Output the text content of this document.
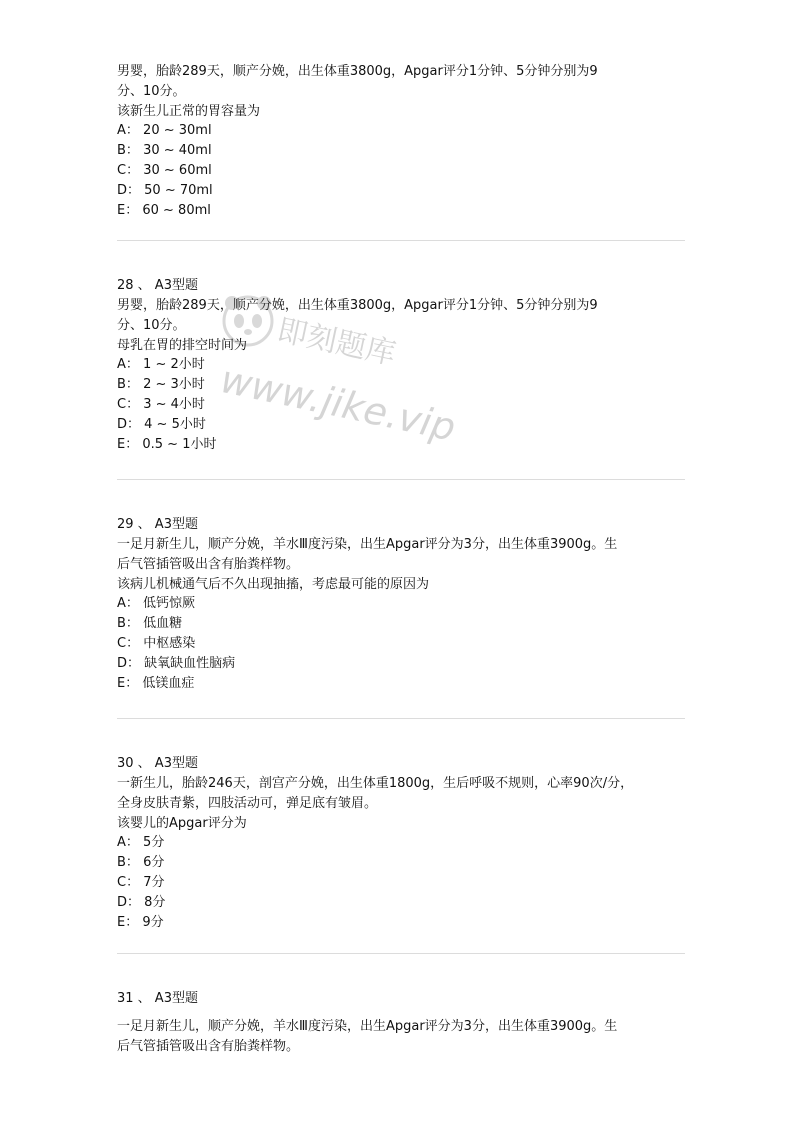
男婴，胎龄289天，顺产分娩，出生体重3800g，Apgar评分1分钟、5分钟分别为9
分、10分。
该新生儿正常的胃容量为
A： 20 ~ 30ml
B： 30 ~ 40ml
C： 30 ~ 60ml
D： 50 ~ 70ml
E： 60 ~ 80ml
28 、 A3型题
男婴，胎龄289天，顺产分娩，出生体重3800g，Apgar评分1分钟、5分钟分别为9
分、10分。
母乳在胃的排空时间为
A： 1 ~ 2小时
B： 2 ~ 3小时
C： 3 ~ 4小时
D： 4 ~ 5小时
E： 0.5 ~ 1小时
29 、 A3型题
一足月新生儿，顺产分娩，羊水Ⅲ度污染，出生Apgar评分为3分，出生体重3900g。生
后气管插管吸出含有胎粪样物。
该病儿机械通气后不久出现抽搐，考虑最可能的原因为
A： 低钙惊厥
B： 低血糖
C： 中枢感染
D： 缺氧缺血性脑病
E： 低镁血症
30 、 A3型题
一新生儿，胎龄246天，剖宫产分娩，出生体重1800g，生后呼吸不规则，心率90次/分，
全身皮肤青紫，四肢活动可，弹足底有皱眉。
该婴儿的Apgar评分为
A： 5分
B： 6分
C： 7分
D： 8分
E： 9分
31 、 A3型题
一足月新生儿，顺产分娩，羊水Ⅲ度污染，出生Apgar评分为3分，出生体重3900g。生
后气管插管吸出含有胎粪样物。
即刻题库
www.jike.vip
